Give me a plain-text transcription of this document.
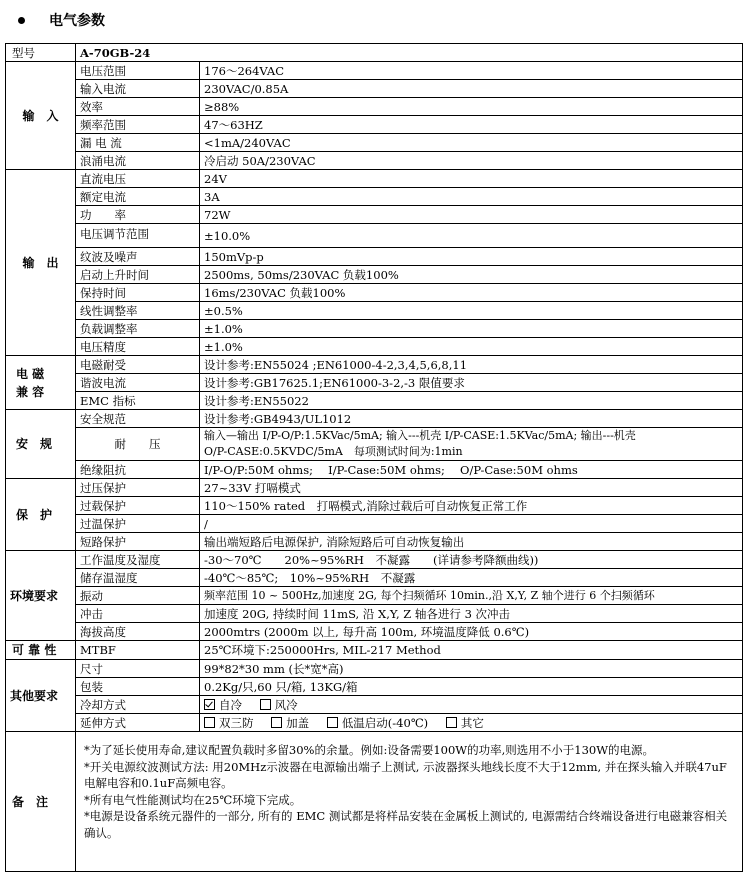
电气参数
型号	A-70GB-24	
输　入	电压范围	176～264VAC
	输入电流	230VAC/0.85A
	效率	≥88%
	频率范围	47～63HZ
	漏 电 流	<1mA/240VAC
	浪涌电流	冷启动 50A/230VAC
输　出	直流电压	24V
	额定电流	3A
	功　　率	72W
	电压调节范围	±10.0%
	纹波及噪声	150mVp-p
	启动上升时间	2500ms, 50ms/230VAC 负载100%
	保持时间	16ms/230VAC 负载100%
	线性调整率	±0.5%
	负载调整率	±1.0%
	电压精度	±1.0%
电 磁
兼 容	电磁耐受	设计参考:EN55024 ;EN61000-4-2,3,4,5,6,8,11
	谐波电流	设计参考:GB17625.1;EN61000-3-2,-3 限值要求
	EMC 指标	设计参考:EN55022
安　规	安全规范	设计参考:GB4943/UL1012
	耐　　压	输入—输出 I/P-O/P:1.5KVac/5mA; 输入---机壳 I/P-CASE:1.5KVac/5mA; 输出---机壳
O/P-CASE:0.5KVDC/5mA　每项测试时间为:1min
	绝缘阻抗	I/P-O/P:50M ohms;　 I/P-Case:50M ohms;　 O/P-Case:50M ohms
保　护	过压保护	27~33V 打嗝模式
	过载保护	110～150% rated　打嗝模式,消除过载后可自动恢复正常工作
	过温保护	/
	短路保护	输出端短路后电源保护, 消除短路后可自动恢复输出
环境要求	工作温度及湿度	-30～70℃　　20%~95%RH　不凝露　　(详请参考降额曲线))
	储存温湿度	-40℃～85℃;　10%~95%RH　不凝露
	振动	频率范围 10 ~ 500Hz,加速度 2G, 每个扫频循环 10min.,沿 X,Y, Z 轴个进行 6 个扫频循环
	冲击	加速度 20G, 持续时间 11mS, 沿 X,Y, Z 轴各进行 3 次冲击
	海拔高度	2000mtrs (2000m 以上, 每升高 100m, 环境温度降低 0.6℃)
可 靠 性	MTBF	25℃环境下:250000Hrs, MIL-217 Method
其他要求	尺寸	99*82*30 mm (长*宽*高)
	包装	0.2Kg/只,60 只/箱, 13KG/箱
	冷却方式	自冷 风冷
	延伸方式	双三防 加盖 低温启动(-40℃) 其它
备　注	*为了延长使用寿命,建议配置负载时多留30%的余量。例如:设备需要100W的功率,则选用不小于130W的电源。
*开关电源纹波测试方法: 用20MHz示波器在电源输出端子上测试, 示波器探头地线长度不大于12mm, 并在探头输入并联47uF电解电容和0.1uF高频电容。
*所有电气性能测试均在25℃环境下完成。
*电源是设备系统元器件的一部分, 所有的 EMC 测试都是将样品安装在金属板上测试的, 电源需结合终端设备进行电磁兼容相关确认。	
